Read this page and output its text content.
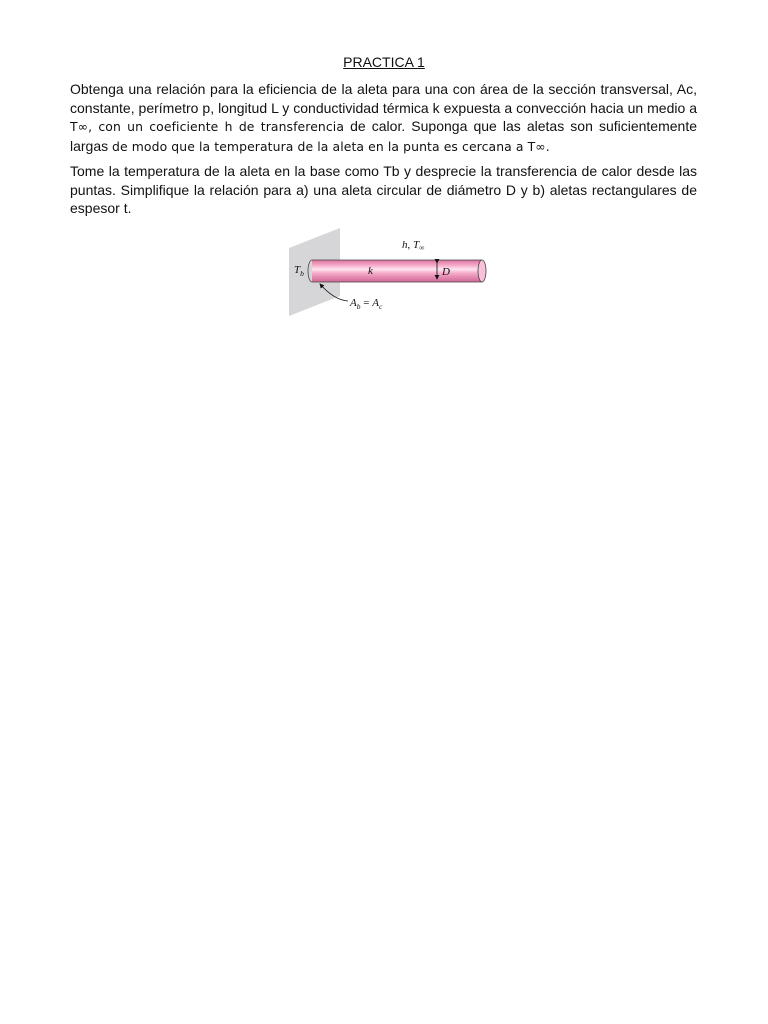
PRACTICA 1

Obtenga una relación para la eficiencia de la aleta para una con área de la sección transversal, Ac, constante, perímetro p, longitud L y conductividad térmica k expuesta a convección hacia un medio a T∞, con un coeficiente h de transferencia de calor. Suponga que las aletas son suficientemente largas de modo que la temperatura de la aleta en la punta es cercana a T∞.

Tome la temperatura de la aleta en la base como Tb y desprecie la transferencia de calor desde las puntas. Simplifique la relación para a) una aleta circular de diámetro D y b) aletas rectangulares de espesor t.

h, T∞
$T_b$	k	D
$A_b = A_c$
